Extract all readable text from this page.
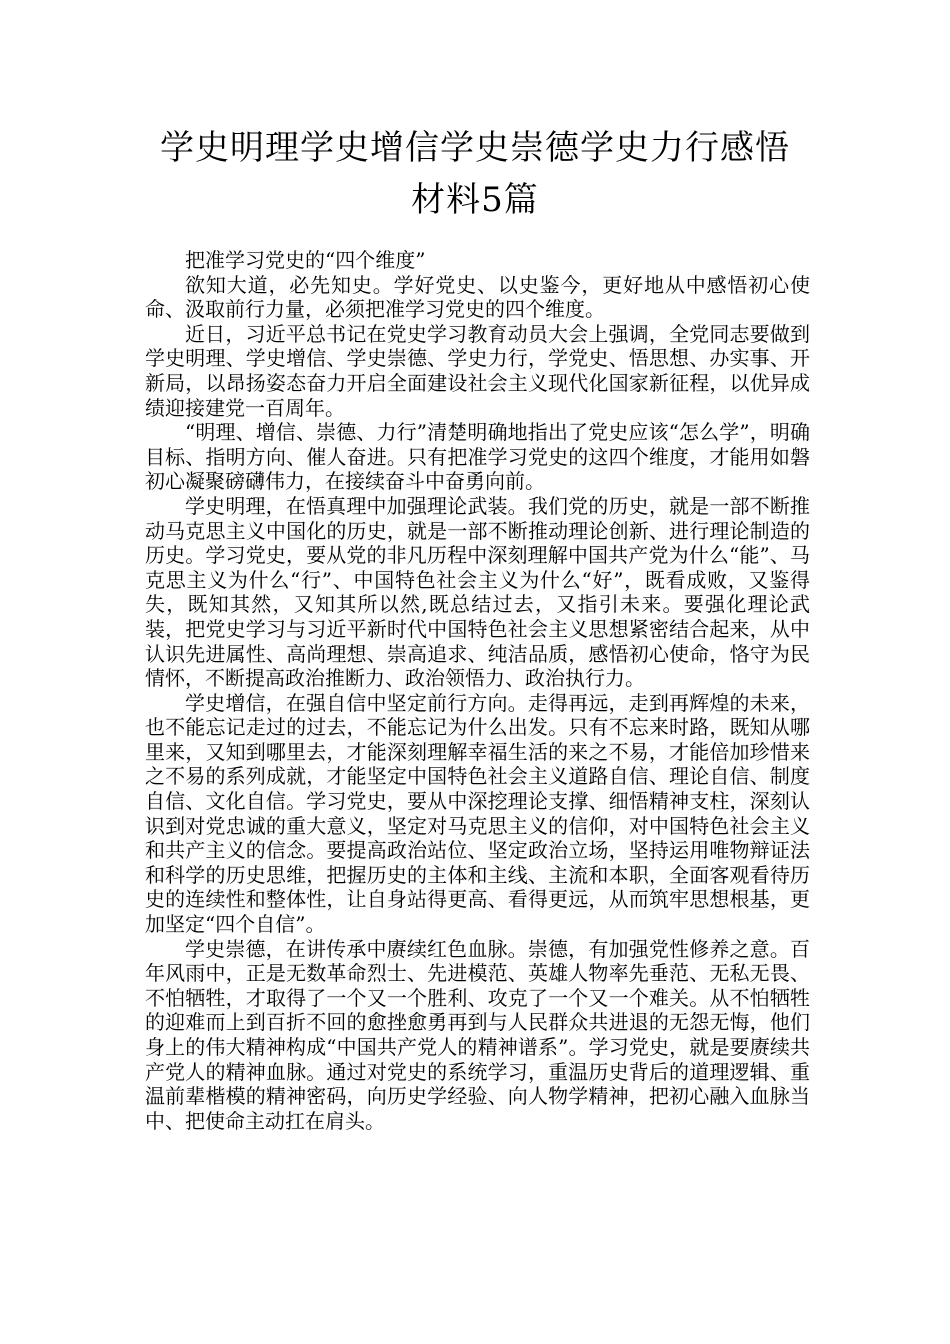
学史明理学史增信学史崇德学史力行感悟
材料5篇

把准学习党史的“四个维度”

欲知大道，必先知史。学好党史、以史鉴今，更好地从中感悟初心使命、汲取前行力量，必须把准学习党史的四个维度。

近日，习近平总书记在党史学习教育动员大会上强调，全党同志要做到学史明理、学史增信、学史崇德、学史力行，学党史、悟思想、办实事、开新局，以昂扬姿态奋力开启全面建设社会主义现代化国家新征程，以优异成绩迎接建党一百周年。

“明理、增信、崇德、力行”清楚明确地指出了党史应该“怎么学”，明确目标、指明方向、催人奋进。只有把准学习党史的这四个维度，才能用如磐初心凝聚磅礴伟力，在接续奋斗中奋勇向前。

学史明理，在悟真理中加强理论武装。我们党的历史，就是一部不断推动马克思主义中国化的历史，就是一部不断推动理论创新、进行理论制造的历史。学习党史，要从党的非凡历程中深刻理解中国共产党为什么“能”、马克思主义为什么“行”、中国特色社会主义为什么“好”，既看成败，又鉴得失，既知其然，又知其所以然,既总结过去，又指引未来。要强化理论武装，把党史学习与习近平新时代中国特色社会主义思想紧密结合起来，从中认识先进属性、高尚理想、崇高追求、纯洁品质，感悟初心使命，恪守为民情怀，不断提高政治推断力、政治领悟力、政治执行力。

学史增信，在强自信中坚定前行方向。走得再远，走到再辉煌的未来，也不能忘记走过的过去，不能忘记为什么出发。只有不忘来时路，既知从哪里来，又知到哪里去，才能深刻理解幸福生活的来之不易，才能倍加珍惜来之不易的系列成就，才能坚定中国特色社会主义道路自信、理论自信、制度自信、文化自信。学习党史，要从中深挖理论支撑、细悟精神支柱，深刻认识到对党忠诚的重大意义，坚定对马克思主义的信仰，对中国特色社会主义和共产主义的信念。要提高政治站位、坚定政治立场，坚持运用唯物辩证法和科学的历史思维，把握历史的主体和主线、主流和本职，全面客观看待历史的连续性和整体性，让自身站得更高、看得更远，从而筑牢思想根基，更加坚定“四个自信”。

学史崇德，在讲传承中赓续红色血脉。崇德，有加强党性修养之意。百年风雨中，正是无数革命烈士、先进模范、英雄人物率先垂范、无私无畏、不怕牺牲，才取得了一个又一个胜利、攻克了一个又一个难关。从不怕牺牲的迎难而上到百折不回的愈挫愈勇再到与人民群众共进退的无怨无悔，他们身上的伟大精神构成“中国共产党人的精神谱系”。学习党史，就是要赓续共产党人的精神血脉。通过对党史的系统学习，重温历史背后的道理逻辑、重温前辈楷模的精神密码，向历史学经验、向人物学精神，把初心融入血脉当中、把使命主动扛在肩头。
